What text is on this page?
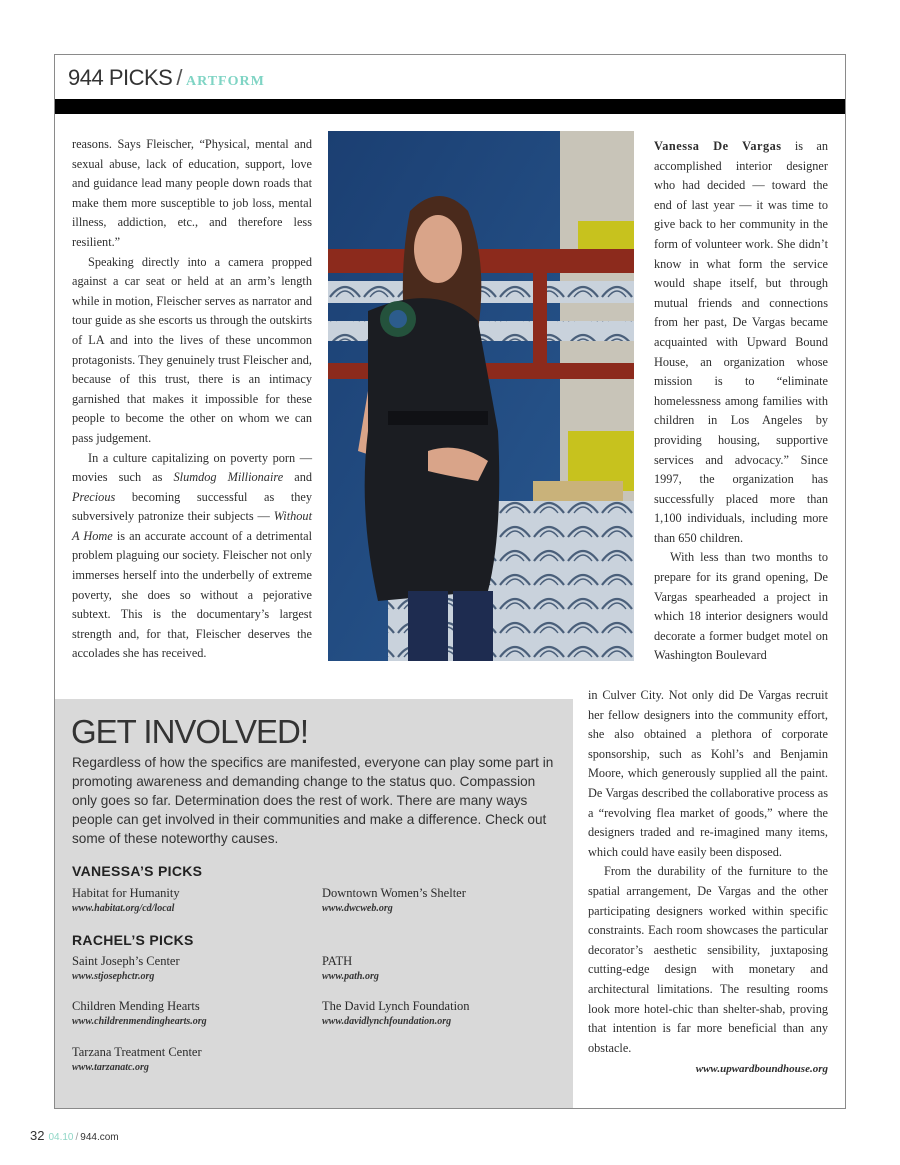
944 PICKS / ARTFORM

reasons. Says Fleischer, “Physical, mental and sexual abuse, lack of education, support, love and guidance lead many people down roads that make them more susceptible to job loss, mental illness, addiction, etc., and therefore less resilient.”

Speaking directly into a camera propped against a car seat or held at an arm’s length while in motion, Fleischer serves as narrator and tour guide as she escorts us through the outskirts of LA and into the lives of these uncommon protagonists. They genuinely trust Fleischer and, because of this trust, there is an intimacy garnished that makes it impossible for these people to become the other on whom we can pass judgement.

In a culture capitalizing on poverty porn — movies such as Slumdog Millionaire and Precious becoming successful as they subversively patronize their subjects — Without A Home is an accurate account of a detrimental problem plaguing our society. Fleischer not only immerses herself into the underbelly of extreme poverty, she does so without a pejorative subtext. This is the documentary’s largest strength and, for that, Fleischer deserves the accolades she has received.

Vanessa De Vargas is an accomplished interior designer who had decided — toward the end of last year — it was time to give back to her community in the form of volunteer work. She didn’t know in what form the service would shape itself, but through mutual friends and connections from her past, De Vargas became acquainted with Upward Bound House, an organization whose mission is to “eliminate homelessness among families with children in Los Angeles by providing housing, supportive services and advocacy.” Since 1997, the organization has successfully placed more than 1,100 individuals, including more than 650 children.

With less than two months to prepare for its grand opening, De Vargas spearheaded a project in which 18 interior designers would decorate a former budget motel on Washington Boulevard

in Culver City. Not only did De Vargas recruit her fellow designers into the community effort, she also obtained a plethora of corporate sponsorship, such as Kohl’s and Benjamin Moore, which generously supplied all the paint. De Vargas described the collaborative process as a “revolving flea market of goods,” where the designers traded and re-imagined many items, which could have easily been disposed.

From the durability of the furniture to the spatial arrangement, De Vargas and the other participating designers worked within specific constraints. Each room showcases the particular decorator’s aesthetic sensibility, juxtaposing cutting-edge design with monetary and architectural limitations. The resulting rooms look more hotel-chic than shelter-shab, proving that intention is far more beneficial than any obstacle.

www.upwardboundhouse.org

GET INVOLVED!
Regardless of how the specifics are manifested, everyone can play some part in promoting awareness and demanding change to the status quo. Compassion only goes so far. Determination does the rest of work. There are many ways people can get involved in their communities and make a difference. Check out some of these noteworthy causes.
VANESSA’S PICKS
Habitat for Humanity
www.habitat.org/cd/local
Downtown Women’s Shelter
www.dwcweb.org
RACHEL’S PICKS
Saint Joseph’s Center
www.stjosephctr.org
PATH
www.path.org
Children Mending Hearts
www.childrenmendinghearts.org
The David Lynch Foundation
www.davidlynchfoundation.org
Tarzana Treatment Center
www.tarzanatc.org
32 04.10 / 944.com
